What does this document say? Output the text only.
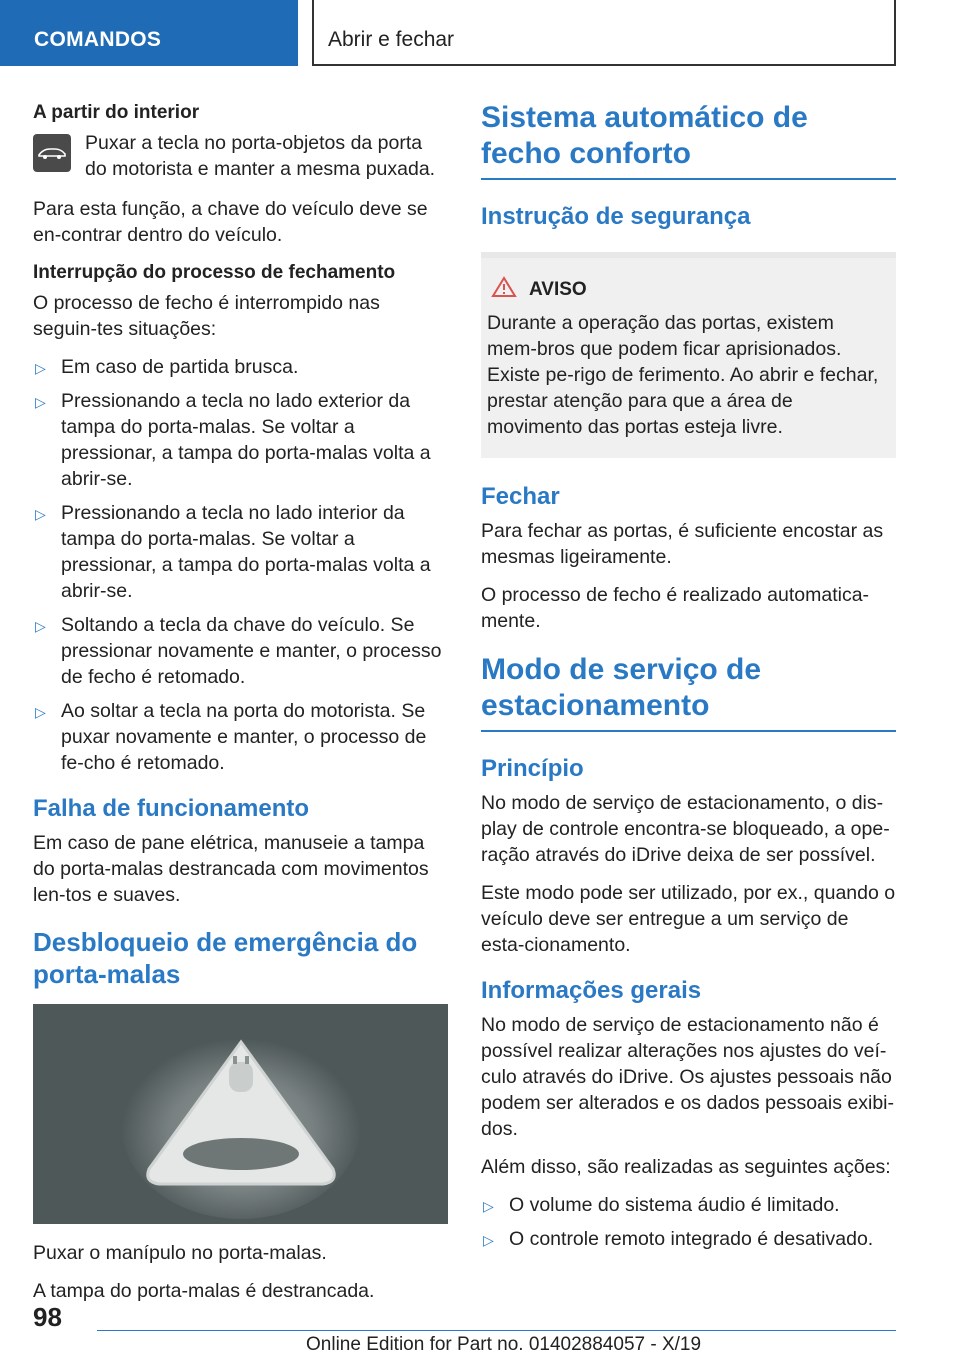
COMANDOS	Abrir e fechar
A partir do interior
Puxar a tecla no porta-objetos da porta do motorista e manter a mesma puxada.

Para esta função, a chave do veículo deve se en-contrar dentro do veículo.

Interrupção do processo de fechamento

O processo de fecho é interrompido nas seguin-tes situações:

▷ Em caso de partida brusca.
▷ Pressionando a tecla no lado exterior da tampa do porta-malas. Se voltar a pressionar, a tampa do porta-malas volta a abrir-se.
▷ Pressionando a tecla no lado interior da tampa do porta-malas. Se voltar a pressionar, a tampa do porta-malas volta a abrir-se.
▷ Soltando a tecla da chave do veículo. Se pressionar novamente e manter, o processo de fecho é retomado.
▷ Ao soltar a tecla na porta do motorista. Se puxar novamente e manter, o processo de fe-cho é retomado.
Falha de funcionamento

Em caso de pane elétrica, manuseie a tampa do porta-malas destrancada com movimentos len-tos e suaves.

Desbloqueio de emergência do porta-malas

Puxar o manípulo no porta-malas.

A tampa do porta-malas é destrancada.

Sistema automático de fecho conforto
Instrução de segurança
AVISO

Durante a operação das portas, existem mem-bros que podem ficar aprisionados. Existe pe-rigo de ferimento. Ao abrir e fechar, prestar atenção para que a área de movimento das portas esteja livre.

Fechar

Para fechar as portas, é suficiente encostar as mesmas ligeiramente.

O processo de fecho é realizado automatica-mente.

Modo de serviço de estacionamento
Princípio

No modo de serviço de estacionamento, o dis-play de controle encontra-se bloqueado, a ope-ração através do iDrive deixa de ser possível.

Este modo pode ser utilizado, por ex., quando o veículo deve ser entregue a um serviço de esta-cionamento.

Informações gerais

No modo de serviço de estacionamento não é possível realizar alterações nos ajustes do veí-culo através do iDrive. Os ajustes pessoais não podem ser alterados e os dados pessoais exibi-dos.

Além disso, são realizadas as seguintes ações:

▷ O volume do sistema áudio é limitado.
▷ O controle remoto integrado é desativado.
98
Online Edition for Part no. 01402884057 - X/19
